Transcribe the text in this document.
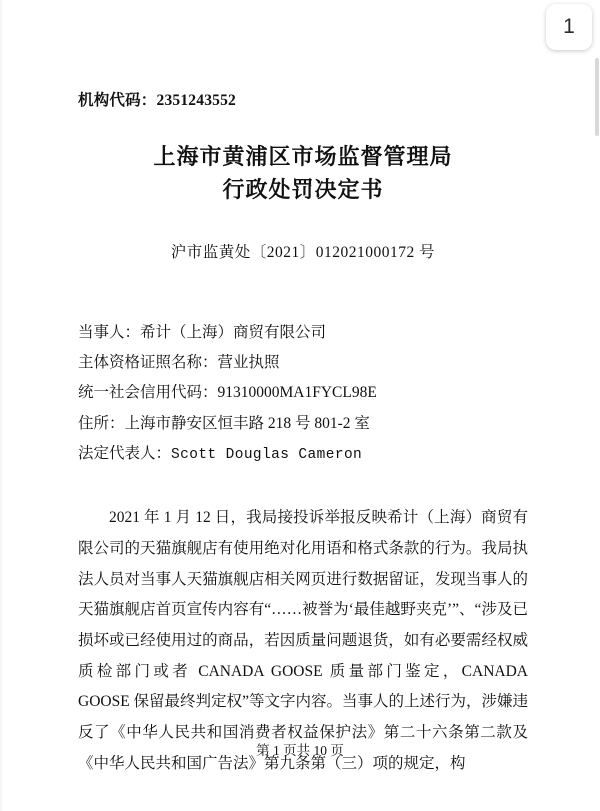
机构代码：2351243552
上海市黄浦区市场监督管理局
行政处罚决定书
沪市监黄处〔2021〕012021000172 号
当事人：希计（上海）商贸有限公司
主体资格证照名称：营业执照
统一社会信用代码：91310000MA1FYCL98E
住所：上海市静安区恒丰路 218 号 801-2 室
法定代表人：Scott Douglas Cameron

2021 年 1 月 12 日，我局接投诉举报反映希计（上海）商贸有限公司的天猫旗舰店有使用绝对化用语和格式条款的行为。我局执法人员对当事人天猫旗舰店相关网页进行数据留证，发现当事人的天猫旗舰店首页宣传内容有“……被誉为‘最佳越野夹克’”、“涉及已损坏或已经使用过的商品，若因质量问题退货，如有必要需经权威质检部门或者 CANADA GOOSE 质量部门鉴定，CANADA GOOSE 保留最终判定权”等文字内容。当事人的上述行为，涉嫌违反了《中华人民共和国消费者权益保护法》第二十六条第二款及《中华人民共和国广告法》第九条第（三）项的规定，构

第 1 页共 10 页
1
